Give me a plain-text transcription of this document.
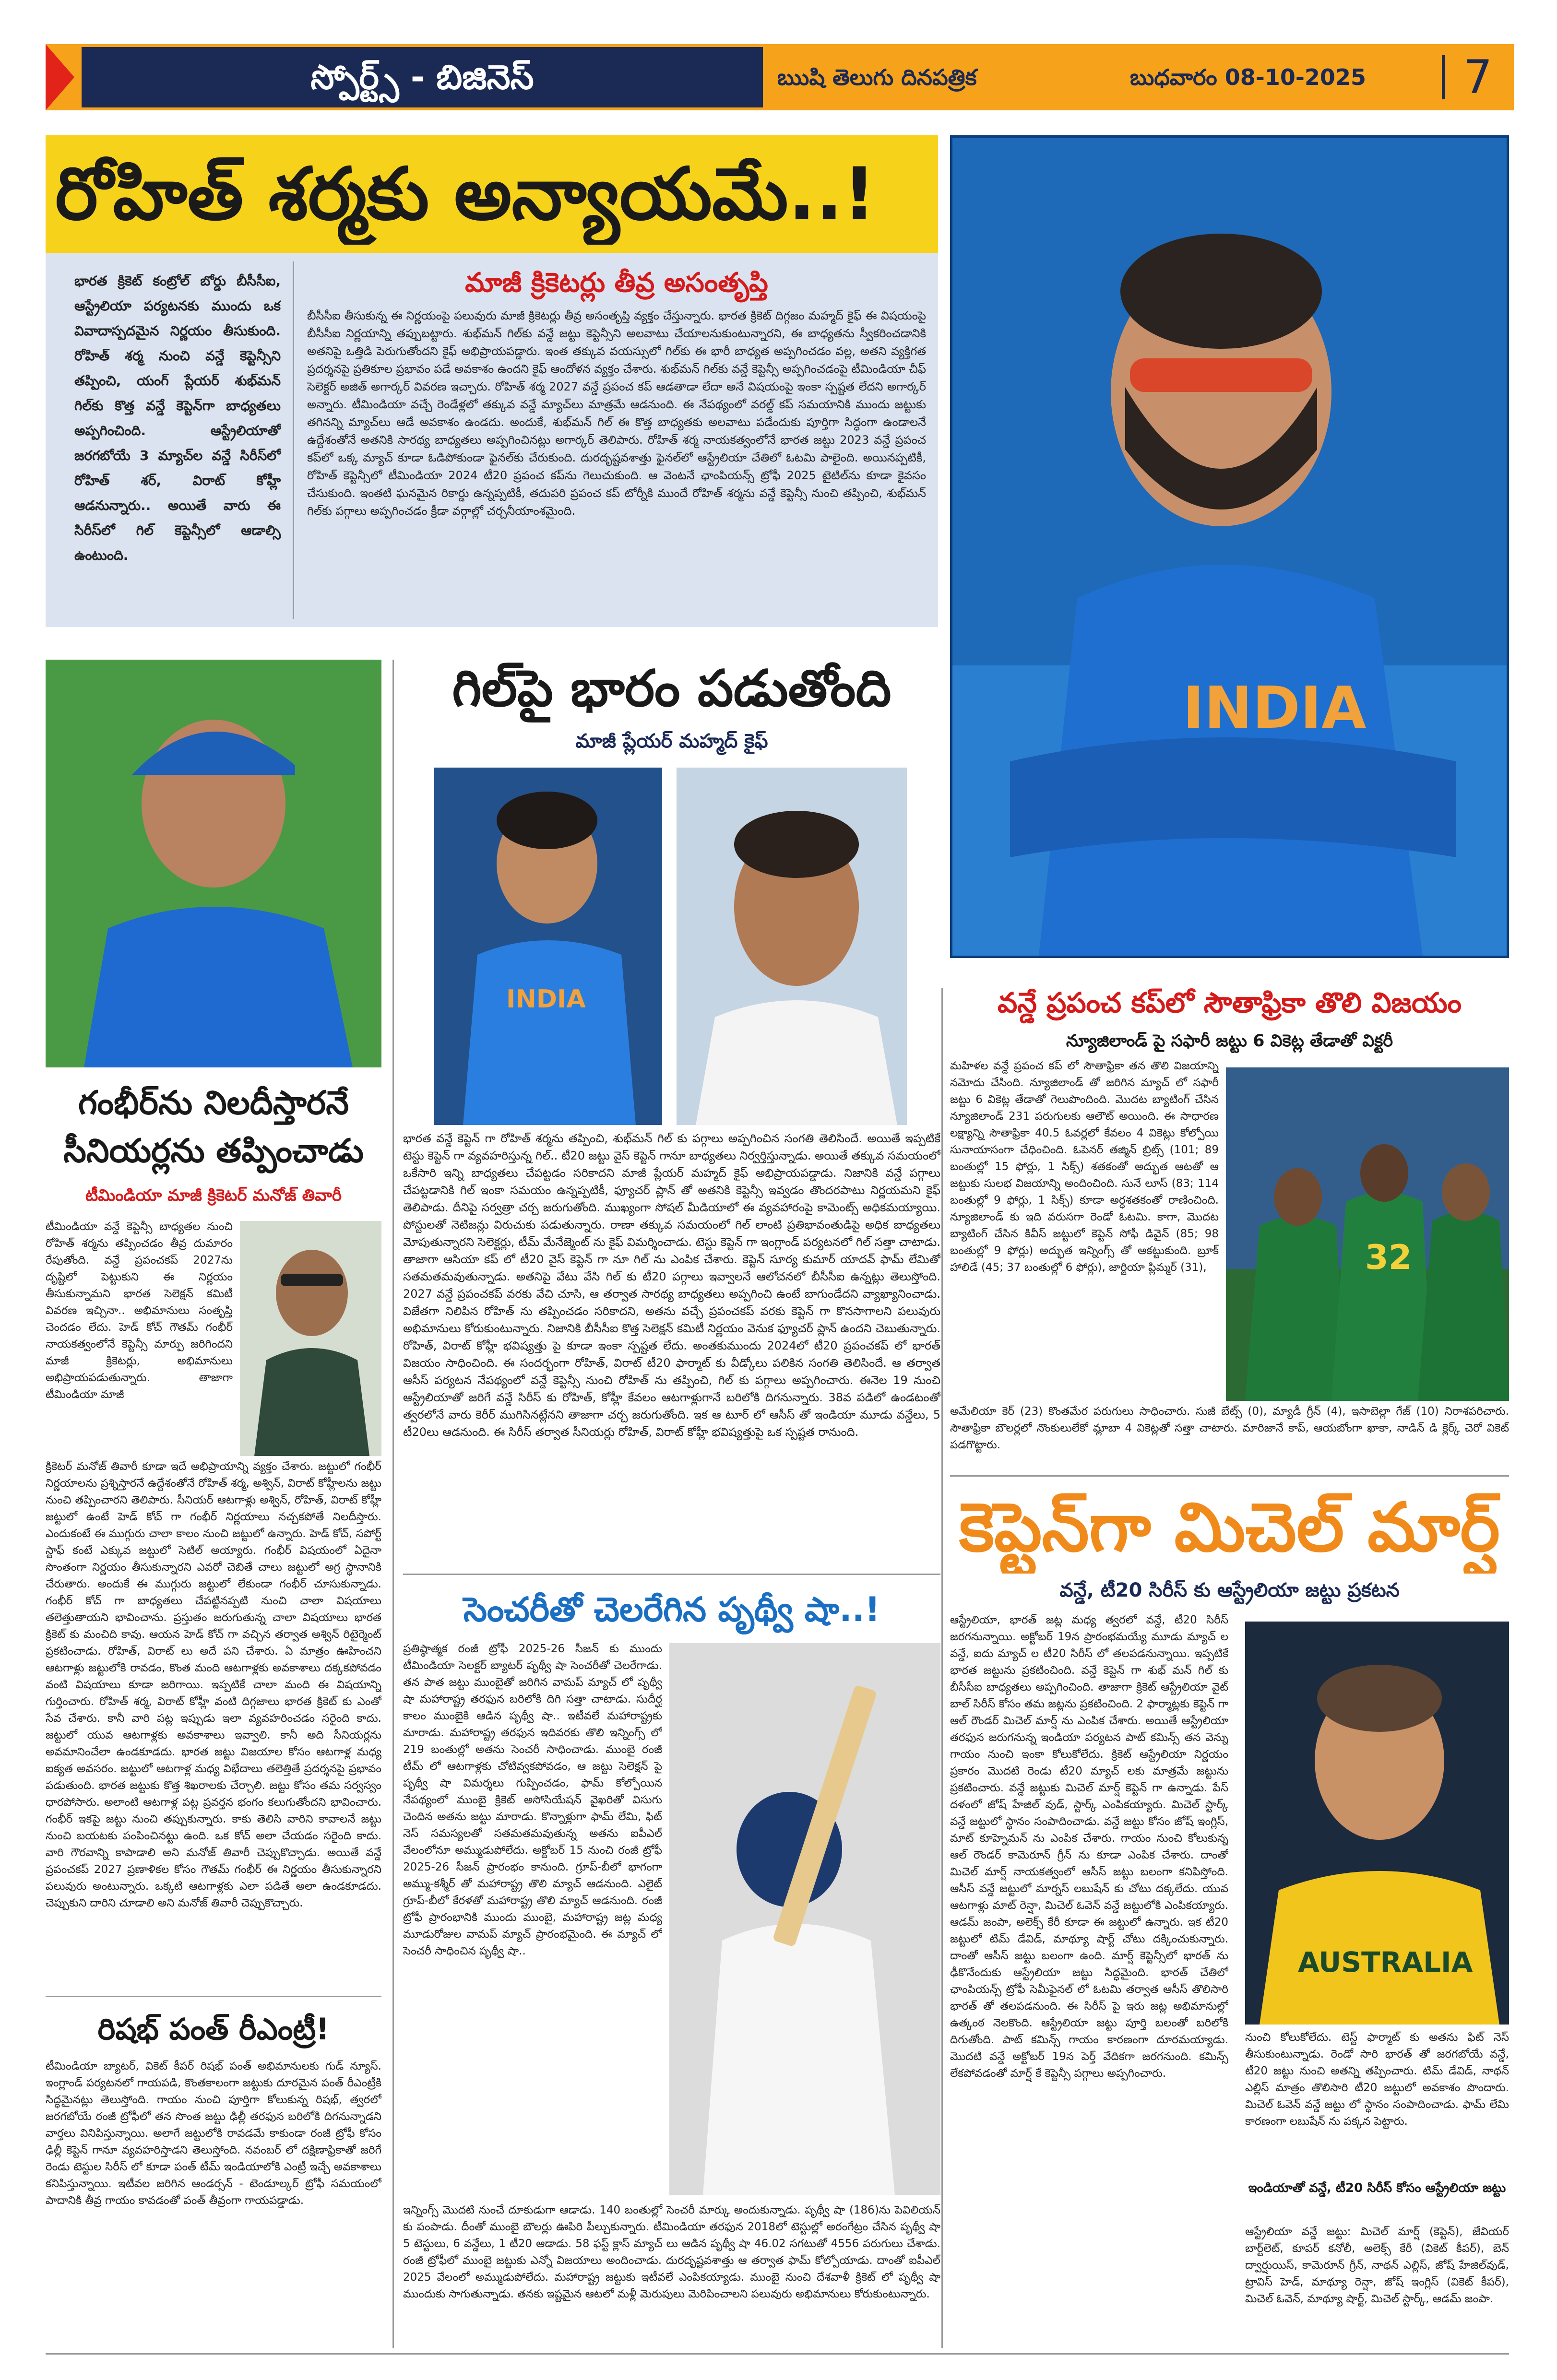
స్పోర్ట్స్ - బిజినెస్	ఋషి తెలుగు దినపత్రిక	బుధవారం 08-10-2025	7
రోహిత్ శర్మకు అన్యాయమే..!
భారత క్రికెట్ కంట్రోల్ బోర్డు బీసీసీఐ, ఆస్ట్రేలియా పర్యటనకు ముందు ఒక వివాదాస్పదమైన నిర్ణయం తీసుకుంది. రోహిత్ శర్మ నుంచి వన్డే కెప్టెన్సీని తప్పించి, యంగ్ ప్లేయర్ శుభ్‌మన్ గిల్‌కు కొత్త వన్డే కెప్టెన్‌గా బాధ్యతలు అప్పగించింది. ఆస్ట్రేలియాతో జరగబోయే 3 మ్యాచ్‌ల వన్డే సిరీస్‌లో రోహిత్ శర్, విరాట్ కోహ్లీ ఆడనున్నారు.. అయితే వారు ఈ సిరీస్‌లో గిల్ కెప్టెన్సీలో ఆడాల్సి ఉంటుంది.
మాజీ క్రికెటర్లు తీవ్ర అసంతృప్తి
బీసీసీఐ తీసుకున్న ఈ నిర్ణయంపై పలువురు మాజీ క్రికెటర్లు తీవ్ర అసంతృప్తి వ్యక్తం చేస్తున్నారు. భారత క్రికెట్ దిగ్గజం మహ్మద్ కైఫ్ ఈ విషయంపై బీసీసీఐ నిర్ణయాన్ని తప్పుబట్టారు. శుభ్‌మన్ గిల్‌కు వన్డే జట్టు కెప్టెన్సీని అలవాటు చేయాలనుకుంటున్నారని, ఈ బాధ్యతను స్వీకరించడానికి అతనిపై ఒత్తిడి పెరుగుతోందని కైఫ్ అభిప్రాయపడ్డారు. ఇంత తక్కువ వయస్సులో గిల్‌కు ఈ భారీ బాధ్యత అప్పగించడం వల్ల, అతని వ్యక్తిగత ప్రదర్శనపై ప్రతికూల ప్రభావం పడే అవకాశం ఉందని కైఫ్ ఆందోళన వ్యక్తం చేశారు. శుభ్‌మన్ గిల్‌కు వన్డే కెప్టెన్సీ అప్పగించడంపై టీమిండియా చీఫ్ సెలెక్టర్ అజిత్ అగార్కర్ వివరణ ఇచ్చారు. రోహిత్ శర్మ 2027 వన్డే ప్రపంచ కప్ ఆడతాడా లేదా అనే విషయంపై ఇంకా స్పష్టత లేదని అగార్కర్ అన్నారు. టీమిండియా వచ్చే రెండేళ్లలో తక్కువ వన్డే మ్యాచ్‌లు మాత్రమే ఆడనుంది. ఈ నేపథ్యంలో వరల్డ్ కప్ సమయానికి ముందు జట్టుకు తగినన్ని మ్యాచ్‌లు ఆడే అవకాశం ఉండదు. అందుకే, శుభ్‌మన్ గిల్ ఈ కొత్త బాధ్యతకు అలవాటు పడేందుకు పూర్తిగా సిద్ధంగా ఉండాలనే ఉద్దేశంతోనే అతనికి సారథ్య బాధ్యతలు అప్పగించినట్లు అగార్కర్ తెలిపారు. రోహిత్ శర్మ నాయకత్వంలోనే భారత జట్టు 2023 వన్డే ప్రపంచ కప్‌లో ఒక్క మ్యాచ్ కూడా ఓడిపోకుండా ఫైనల్‌కు చేరుకుంది. దురదృష్టవశాత్తు ఫైనల్‌లో ఆస్ట్రేలియా చేతిలో ఓటమి పాలైంది. అయినప్పటికీ, రోహిత్ కెప్టెన్సీలో టీమిండియా 2024 టీ20 ప్రపంచ కప్‌ను గెలుచుకుంది. ఆ వెంటనే ఛాంపియన్స్ ట్రోఫీ 2025 టైటిల్‌ను కూడా కైవసం చేసుకుంది. ఇంతటి ఘనమైన రికార్డు ఉన్నప్పటికీ, తదుపరి ప్రపంచ కప్ టోర్నీకి ముందే రోహిత్ శర్మను వన్డే కెప్టెన్సీ నుంచి తప్పించి, శుభ్‌మన్ గిల్‌కు పగ్గాలు అప్పగించడం క్రీడా వర్గాల్లో చర్చనీయాంశమైంది.
INDIA
గంభీర్‌ను నిలదీస్తారనే సీనియర్లను తప్పించాడు
టీమిండియా మాజీ క్రికెటర్ మనోజ్ తివారీ
టీమిండియా వన్డే కెప్టెన్సీ బాధ్యతల నుంచి రోహిత్ శర్మను తప్పించడం తీవ్ర దుమారం రేపుతోంది. వన్డే ప్రపంచకప్ 2027ను దృష్టిలో పెట్టుకుని ఈ నిర్ణయం తీసుకున్నామని భారత సెలెక్షన్ కమిటీ వివరణ ఇచ్చినా.. అభిమానులు సంతృప్తి చెందడం లేదు. హెడ్ కోచ్ గౌతమ్ గంభీర్ నాయకత్వంలోనే కెప్టెన్సీ మార్పు జరిగిందని మాజీ క్రికెటర్లు, అభిమానులు అభిప్రాయపడుతున్నారు. తాజాగా టీమిండియా మాజీ
క్రికెటర్ మనోజ్ తివారీ కూడా ఇదే అభిప్రాయాన్ని వ్యక్తం చేశారు. జట్టులో గంభీర్ నిర్ణయాలను ప్రశ్నిస్తారనే ఉద్దేశంతోనే రోహిత్ శర్మ, అశ్విన్, విరాట్ కోహ్లీలను జట్టు నుంచి తప్పించారని తెలిపారు. సీనియర్ ఆటగాళ్లు అశ్విన్, రోహిత్, విరాట్ కోహ్లీ జట్టులో ఉంటే హెడ్ కోచ్ గా గంభీర్ నిర్ణయాలు నచ్చకపోతే నిలదీస్తారు. ఎందుకంటే ఈ ముగ్గురు చాలా కాలం నుంచి జట్టులో ఉన్నారు. హెడ్ కోచ్, సపోర్ట్ స్టాఫ్ కంటే ఎక్కువ జట్టులో సెటిల్ అయ్యారు. గంభీర్ విషయంలో ఏదైనా సొంతంగా నిర్ణయం తీసుకున్నారని ఎవరో చెబితే చాలు జట్టులో అగ్ర స్థానానికి చేరుతారు. అందుకే ఈ ముగ్గురు జట్టులో లేకుండా గంభీర్ చూసుకున్నాడు. గంభీర్ కోచ్ గా బాధ్యతలు చేపట్టినప్పటి నుంచి చాలా విషయాలు తలెత్తుతాయని భావించాను. ప్రస్తుతం జరుగుతున్న చాలా విషయాలు భారత క్రికెట్ కు మంచిది కావు. ఆయన హెడ్ కోచ్ గా వచ్చిన తర్వాత అశ్విన్ రిటైర్మెంట్ ప్రకటించాడు. రోహిత్, విరాట్ లు అదే పని చేశారు. ఏ మాత్రం ఊహించని ఆటగాళ్లు జట్టులోకి రావడం, కొంత మంది ఆటగాళ్లకు అవకాశాలు దక్కకపోవడం వంటి విషయాలు కూడా జరిగాయి. ఇప్పటికే చాలా మంది ఈ విషయాన్ని గుర్తించారు. రోహిత్ శర్మ, విరాట్ కోహ్లీ వంటి దిగ్గజాలు భారత క్రికెట్ కు ఎంతో సేవ చేశారు. కానీ వారి పట్ల ఇప్పుడు ఇలా వ్యవహరించడం సరైంది కాదు. జట్టులో యువ ఆటగాళ్లకు అవకాశాలు ఇవ్వాలి. కానీ అది సీనియర్లను అవమానించేలా ఉండకూడదు. భారత జట్టు విజయాల కోసం ఆటగాళ్ల మధ్య ఐక్యత అవసరం. జట్టులో ఆటగాళ్ల మధ్య విభేదాలు తలెత్తితే ప్రదర్శనపై ప్రభావం పడుతుంది. భారత జట్టుకు కొత్త శిఖరాలకు చేర్చాలి. జట్టు కోసం తమ సర్వస్వం ధారపోసారు. అలాంటి ఆటగాళ్ల పట్ల ప్రవర్తన భంగం కలుగుతోందని భావించారు. గంభీర్ ఇకపై జట్టు నుంచి తప్పుకున్నారు. కాకు తెలిసి వారిని కావాలనే జట్టు నుంచి బయటకు పంపించినట్టు ఉంది. ఒక కోచ్ అలా చేయడం సరైంది కాదు. వారి గౌరవాన్ని కాపాడాలి అని మనోజ్ తివారీ చెప్పుకొచ్చాడు. అయితే వన్డే ప్రపంచకప్ 2027 ప్రణాళికల కోసం గౌతమ్ గంభీర్ ఈ నిర్ణయం తీసుకున్నారని పలువురు అంటున్నారు. ఒక్కటి ఆటగాళ్లకు ఎలా పడితే అలా ఉండకూడదు. చెప్పుకుని దారిని చూడాలి అని మనోజ్ తివారీ చెప్పుకొచ్చారు.
రిషభ్ పంత్ రీఎంట్రీ!
టీమిండియా బ్యాటర్, వికెట్ కీపర్ రిషభ్ పంత్ అభిమానులకు గుడ్ న్యూస్. ఇంగ్లాండ్ పర్యటనలో గాయపడి, కొంతకాలంగా జట్టుకు దూరమైన పంత్ రీఎంట్రీకి సిద్ధమైనట్లు తెలుస్తోంది. గాయం నుంచి పూర్తిగా కోలుకున్న రిషభ్, త్వరలో జరగబోయే రంజీ ట్రోఫీలో తన సొంత జట్టు ఢిల్లీ తరఫున బరిలోకి దిగనున్నాడని వార్తలు వినిపిస్తున్నాయి. అలాగే జట్టులోకి రావడమే కాకుండా రంజీ ట్రోఫీ కోసం ఢిల్లీ కెప్టెన్ గానూ వ్యవహరిస్తాడని తెలుస్తోంది. నవంబర్ లో దక్షిణాఫ్రికాతో జరిగే రెండు టెస్టుల సిరీస్ లో కూడా పంత్ టీమ్ ఇండియాలోకి ఎంట్రీ ఇచ్చే అవకాశాలు కనిపిస్తున్నాయి. ఇటీవల జరిగిన ఆండర్సన్ - టెండూల్కర్ ట్రోఫీ సమయంలో పాదానికి తీవ్ర గాయం కావడంతో పంత్ తీవ్రంగా గాయపడ్డాడు.
గిల్‌పై భారం పడుతోంది
మాజీ ప్లేయర్ మహ్మద్ కైఫ్
INDIA
భారత వన్డే కెప్టెన్ గా రోహిత్ శర్మను తప్పించి, శుభ్‌మన్ గిల్ కు పగ్గాలు అప్పగించిన సంగతి తెలిసిందే. అయితే ఇప్పటికే టెస్టు కెప్టెన్ గా వ్యవహరిస్తున్న గిల్.. టీ20 జట్టు వైస్ కెప్టెన్ గానూ బాధ్యతలు నిర్వర్తిస్తున్నాడు. అయితే తక్కువ సమయంలో ఒకేసారి ఇన్ని బాధ్యతలు చేపట్టడం సరికాదని మాజీ ప్లేయర్ మహ్మద్ కైఫ్ అభిప్రాయపడ్డాడు. నిజానికి వన్డే పగ్గాలు చేపట్టడానికి గిల్ ఇంకా సమయం ఉన్నప్పటికీ, ఫ్యూచర్ ప్లాన్ తో అతనికి కెప్టెన్సీ ఇవ్వడం తొందరపాటు నిర్ణయమని కైఫ్ తెలిపాడు. దీనిపై సర్వత్రా చర్చ జరుగుతోంది. ముఖ్యంగా సోషల్ మీడియాలో ఈ వ్యవహారంపై కామెంట్స్ అధికమయ్యాయి. పోస్టులతో నెటిజన్లు విరుచుకు పడుతున్నారు. రాణా తక్కువ సమయంలో గిల్ లాంటి ప్రతిభావంతుడిపై అధిక బాధ్యతలు మోపుతున్నారని సెలెక్టర్లు, టీమ్ మేనేజ్మెంట్ ను కైఫ్ విమర్శించాడు. టెస్టు కెప్టెన్ గా ఇంగ్లాండ్ పర్యటనలో గిల్ సత్తా చాటాడు. తాజాగా ఆసియా కప్ లో టీ20 వైస్ కెప్టెన్ గా నూ గిల్ ను ఎంపిక చేశారు. కెప్టెన్ సూర్య కుమార్ యాదవ్ ఫామ్ లేమితో సతమతమవుతున్నాడు. అతనిపై వేటు వేసి గిల్ కు టీ20 పగ్గాలు ఇవ్వాలనే ఆలోచనలో బీసీసీఐ ఉన్నట్లు తెలుస్తోంది. 2027 వన్డే ప్రపంచకప్ వరకు వేచి చూసి, ఆ తర్వాత సారథ్య బాధ్యతలు అప్పగించి ఉంటే బాగుండేదని వ్యాఖ్యానించాడు. విజేతగా నిలిపిన రోహిత్ ను తప్పించడం సరికాదని, అతను వచ్చే ప్రపంచకప్ వరకు కెప్టెన్ గా కొనసాగాలని పలువురు అభిమానులు కోరుకుంటున్నారు. నిజానికి బీసీసీఐ కొత్త సెలెక్షన్ కమిటీ నిర్ణయం వెనుక ఫ్యూచర్ ప్లాన్ ఉందని చెబుతున్నారు. రోహిత్, విరాట్ కోహ్లీ భవిష్యత్తు పై కూడా ఇంకా స్పష్టత లేదు. అంతకుముందు 2024లో టీ20 ప్రపంచకప్ లో భారత్ విజయం సాధించింది. ఈ సందర్భంగా రోహిత్, విరాట్ టీ20 ఫార్మాట్ కు వీడ్కోలు పలికిన సంగతి తెలిసిందే. ఆ తర్వాత ఆసీస్ పర్యటన నేపథ్యంలో వన్డే కెప్టెన్సీ నుంచి రోహిత్ ను తప్పించి, గిల్ కు పగ్గాలు అప్పగించారు. ఈనెల 19 నుంచి ఆస్ట్రేలియాతో జరిగే వన్డే సిరీస్ కు రోహిత్, కోహ్లీ కేవలం ఆటగాళ్లుగానే బరిలోకి దిగనున్నారు. 38వ పడిలో ఉండటంతో త్వరలోనే వారు కెరీర్ ముగిసినట్లేనని తాజాగా చర్చ జరుగుతోంది. ఇక ఆ టూర్ లో ఆసీస్ తో ఇండియా మూడు వన్డేలు, 5 టీ20లు ఆడనుంది. ఈ సిరీస్ తర్వాత సీనియర్లు రోహిత్, విరాట్ కోహ్లీ భవిష్యత్తుపై ఒక స్పష్టత రానుంది.
సెంచరీతో చెలరేగిన పృథ్వీ షా..!
ప్రతిష్ఠాత్మక రంజీ ట్రోఫీ 2025-26 సీజన్ కు ముందు టీమిండియా సెలక్టర్ బ్యాటర్ పృథ్వీ షా సెంచరీతో చెలరేగాడు. తన పాత జట్టు ముంబైతో జరిగిన వామప్ మ్యాచ్ లో పృథ్వీ షా మహారాష్ట్ర తరఫున బరిలోకి దిగి సత్తా చాటాడు. సుదీర్ఘ కాలం ముంబైకి ఆడిన పృథ్వీ షా.. ఇటీవలే మహారాష్ట్రకు మారాడు. మహారాష్ట్ర తరఫున ఇదివరకు తొలి ఇన్నింగ్స్ లో 219 బంతుల్లో అతను సెంచరీ సాధించాడు. ముంబై రంజీ టీమ్ లో ఆటగాళ్లకు చోటివ్వకపోవడం, ఆ జట్టు సెలెక్షన్ పై పృథ్వీ షా విమర్శలు గుప్పించడం, ఫామ్ కోల్పోయిన నేపథ్యంలో ముంబై క్రికెట్ అసోసియేషన్ వైఖరితో విసుగు చెందిన అతను జట్టు మారాడు. కొన్నాళ్లుగా ఫామ్ లేమి, ఫిట్ నెస్ సమస్యలతో సతమతమవుతున్న అతను ఐపీఎల్ వేలంలోనూ అమ్ముడుపోలేదు. అక్టోబర్ 15 నుంచి రంజీ ట్రోఫీ 2025-26 సీజన్ ప్రారంభం కానుంది. గ్రూప్-బీలో భాగంగా అమ్ము-కశ్మీర్ తో మహారాష్ట్ర తొలి మ్యాచ్ ఆడనుంది. ఎలైట్ గ్రూప్-బీలో కేరళతో మహారాష్ట్ర తొలి మ్యాచ్ ఆడనుంది. రంజీ ట్రోఫీ ప్రారంభానికి ముందు ముంబై, మహారాష్ట్ర జట్ల మధ్య మూడురోజుల వామప్ మ్యాచ్ ప్రారంభమైంది. ఈ మ్యాచ్ లో సెంచరీ సాధించిన పృథ్వీ షా..
ఇన్నింగ్స్ మొదటి నుంచే దూకుడుగా ఆడాడు. 140 బంతుల్లో సెంచరీ మార్కు అందుకున్నాడు. పృథ్వీ షా (186)ను పెవిలియన్ కు పంపాడు. దీంతో ముంబై బౌలర్లు ఊపిరి పీల్చుకున్నారు. టీమిండియా తరఫున 2018లో టెస్టుల్లో అరంగేట్రం చేసిన పృథ్వీ షా 5 టెస్టులు, 6 వన్డేలు, 1 టీ20 ఆడాడు. 58 ఫస్ట్ క్లాస్ మ్యాచ్ లు ఆడిన పృథ్వీ షా 46.02 సగటుతో 4556 పరుగులు చేశాడు. రంజీ ట్రోఫీలో ముంబై జట్టుకు ఎన్నో విజయాలు అందించాడు. దురదృష్టవశాత్తు ఆ తర్వాత ఫామ్ కోల్పోయాడు. దాంతో ఐపీఎల్ 2025 వేలంలో అమ్ముడుపోలేదు. మహారాష్ట్ర జట్టుకు ఇటీవలే ఎంపికయ్యాడు. ముంబై నుంచి దేశవాళీ క్రికెట్ లో పృథ్వీ షా ముందుకు సాగుతున్నాడు. తనకు ఇష్టమైన ఆటలో మళ్లీ మెరుపులు మెరిపించాలని పలువురు అభిమానులు కోరుకుంటున్నారు.
వన్డే ప్రపంచ కప్‌లో సౌతాఫ్రికా తొలి విజయం
న్యూజిలాండ్ పై సఫారీ జట్టు 6 వికెట్ల తేడాతో విక్టరీ
మహిళల వన్డే ప్రపంచ కప్ లో సౌతాఫ్రికా తన తొలి విజయాన్ని నమోదు చేసింది. న్యూజిలాండ్ తో జరిగిన మ్యాచ్ లో సఫారీ జట్టు 6 వికెట్ల తేడాతో గెలుపొందింది. మొదట బ్యాటింగ్ చేసిన న్యూజిలాండ్ 231 పరుగులకు ఆలౌట్ అయింది. ఈ సాధారణ లక్ష్యాన్ని సౌతాఫ్రికా 40.5 ఓవర్లలో కేవలం 4 వికెట్లు కోల్పోయి సునాయాసంగా చేధించింది. ఓపెనర్ తజ్మిన్ బ్రిట్స్ (101; 89 బంతుల్లో 15 ఫోర్లు, 1 సిక్స్) శతకంతో అద్భుత ఆటతో ఆ జట్టుకు సులభ విజయాన్ని అందించింది. సునే లూస్ (83; 114 బంతుల్లో 9 ఫోర్లు, 1 సిక్స్) కూడా అర్ధశతకంతో రాణించింది. న్యూజిలాండ్ కు ఇది వరుసగా రెండో ఓటమి. కాగా, మొదట బ్యాటింగ్ చేసిన కివీస్ జట్టులో కెప్టెన్ సోఫీ డివైన్ (85; 98 బంతుల్లో 9 ఫోర్లు) అద్భుత ఇన్నింగ్స్ తో ఆకట్టుకుంది. బ్రూక్ హాలిడే (45; 37 బంతుల్లో 6 ఫోర్లు), జార్జియా ప్లిమ్మర్ (31),	32
అమేలియా కెర్ (23) కొంతమేర పరుగులు సాధించారు. సుజీ బేట్స్ (0), మ్యాడీ గ్రీన్ (4), ఇసాబెల్లా గేజ్ (10) నిరాశపరిచారు. సౌతాఫ్రికా బౌలర్లలో నొంకులులేకో మ్లాబా 4 వికెట్లతో సత్తా చాటారు. మారిజానే కాప్, ఆయబోంగా ఖాకా, నాడిన్ డి క్లెర్క్ చెరో వికెట్ పడగొట్టారు.
కెప్టెన్‌గా మిచెల్ మార్ష్
వన్డే, టీ20 సిరీస్ కు ఆస్ట్రేలియా జట్టు ప్రకటన
ఆస్ట్రేలియా, భారత్ జట్ల మధ్య త్వరలో వన్డే, టీ20 సిరీస్ జరగనున్నాయి. అక్టోబర్ 19న ప్రారంభమయ్యే మూడు మ్యాచ్ ల వన్డే, ఐదు మ్యాచ్ ల టీ20 సిరీస్ లో తలపడనున్నాయి. ఇప్పటికే భారత జట్టును ప్రకటించింది. వన్డే కెప్టెన్ గా శుభ్ మన్ గిల్ కు బీసీసీఐ బాధ్యతలు అప్పగించింది. తాజాగా క్రికెట్ ఆస్ట్రేలియా వైట్ బాల్ సిరీస్ కోసం తమ జట్లను ప్రకటించింది. 2 ఫార్మాట్లకు కెప్టెన్ గా ఆల్ రౌండర్ మిచెల్ మార్ష్ ను ఎంపిక చేశారు. అయితే ఆస్ట్రేలియా తరఫున జరుగనున్న ఇండియా పర్యటన పాట్ కమిన్స్ తన వెన్ను గాయం నుంచి ఇంకా కోలుకోలేదు. క్రికెట్ ఆస్ట్రేలియా నిర్ణయం ప్రకారం మొదటి రెండు టీ20 మ్యాచ్ లకు మాత్రమే జట్టును ప్రకటించారు. వన్డే జట్టుకు మిచెల్ మార్ష్ కెప్టెన్ గా ఉన్నాడు. పేస్ దళంలో జోష్ హేజిల్ వుడ్, స్టార్క్ ఎంపికయ్యారు. మిచెల్ స్టార్క్ వన్డే జట్టులో స్థానం సంపాదించాడు. వన్డే జట్టు కోసం జోష్ ఇంగ్లిస్, మాట్ కూహ్నెమన్ ను ఎంపిక చేశారు. గాయం నుంచి కోలుకున్న ఆల్ రౌండర్ కామెరూన్ గ్రీన్ ను కూడా ఎంపిక చేశారు. దాంతో మిచెల్ మార్ష్ నాయకత్వంలో ఆసీస్ జట్టు బలంగా కనిపిస్తోంది. ఆసీస్ వన్డే జట్టులో మార్నస్ లబుషేన్ కు చోటు దక్కలేదు. యువ ఆటగాళ్లు మాట్ రెన్షా, మిచెల్ ఓవెన్ వన్డే జట్టులోకి ఎంపికయ్యారు. ఆడమ్ జంపా, అలెక్స్ కేరీ కూడా ఈ జట్టులో ఉన్నారు. ఇక టీ20 జట్టులో టిమ్ డేవిడ్, మాథ్యూ షార్ట్ చోటు దక్కించుకున్నారు. దాంతో ఆసీస్ జట్టు బలంగా ఉంది. మార్ష్ కెప్టెన్సీలో భారత్ ను ఢీకొనేందుకు ఆస్ట్రేలియా జట్టు సిద్ధమైంది. భారత్ చేతిలో ఛాంపియన్స్ ట్రోఫీ సెమీఫైనల్ లో ఓటమి తర్వాత ఆసీస్ తొలిసారి భారత్ తో తలపడనుంది. ఈ సిరీస్ పై ఇరు జట్ల అభిమానుల్లో ఉత్కంఠ నెలకొంది. ఆస్ట్రేలియా జట్టు పూర్తి బలంతో బరిలోకి దిగుతోంది. పాట్ కమిన్స్ గాయం కారణంగా దూరమయ్యాడు. మొదటి వన్డే అక్టోబర్ 19న పెర్త్ వేదికగా జరగనుంది. కమిన్స్ లేకపోవడంతో మార్ష్ కే కెప్టెన్సీ పగ్గాలు అప్పగించారు.
AUSTRALIA
నుంచి కోలుకోలేదు. టెస్ట్ ఫార్మాట్ కు అతను ఫిట్ నెస్ తీసుకుంటున్నాడు. రెండో సారి భారత్ తో జరగబోయే వన్డే, టీ20 జట్టు నుంచి అతన్ని తప్పించారు. టిమ్ డేవిడ్, నాథన్ ఎల్లిస్ మాత్రం తొలిసారి టీ20 జట్టులో అవకాశం పొందారు. మిచెల్ ఓవెన్ వన్డే జట్టు లో స్థానం సంపాదించాడు. ఫామ్ లేమి కారణంగా లబుషేన్ ను పక్కన పెట్టారు.
ఇండియాతో వన్డే, టీ20 సిరీస్ కోసం ఆస్ట్రేలియా జట్టు
ఆస్ట్రేలియా వన్డే జట్టు: మిచెల్ మార్ష్ (కెప్టెన్), జేవియర్ బార్ట్‌లెట్, కూపర్ కనోలీ, అలెక్స్ కేరీ (వికెట్ కీపర్), బెన్ ద్వార్షుయిస్, కామెరూన్ గ్రీన్, నాథన్ ఎల్లిస్, జోష్ హేజిల్‌వుడ్, ట్రావిస్ హెడ్, మాథ్యూ రెన్షా, జోష్ ఇంగ్లిస్ (వికెట్ కీపర్), మిచెల్ ఓవెన్, మాథ్యూ షార్ట్, మిచెల్ స్టార్క్, ఆడమ్ జంపా.
